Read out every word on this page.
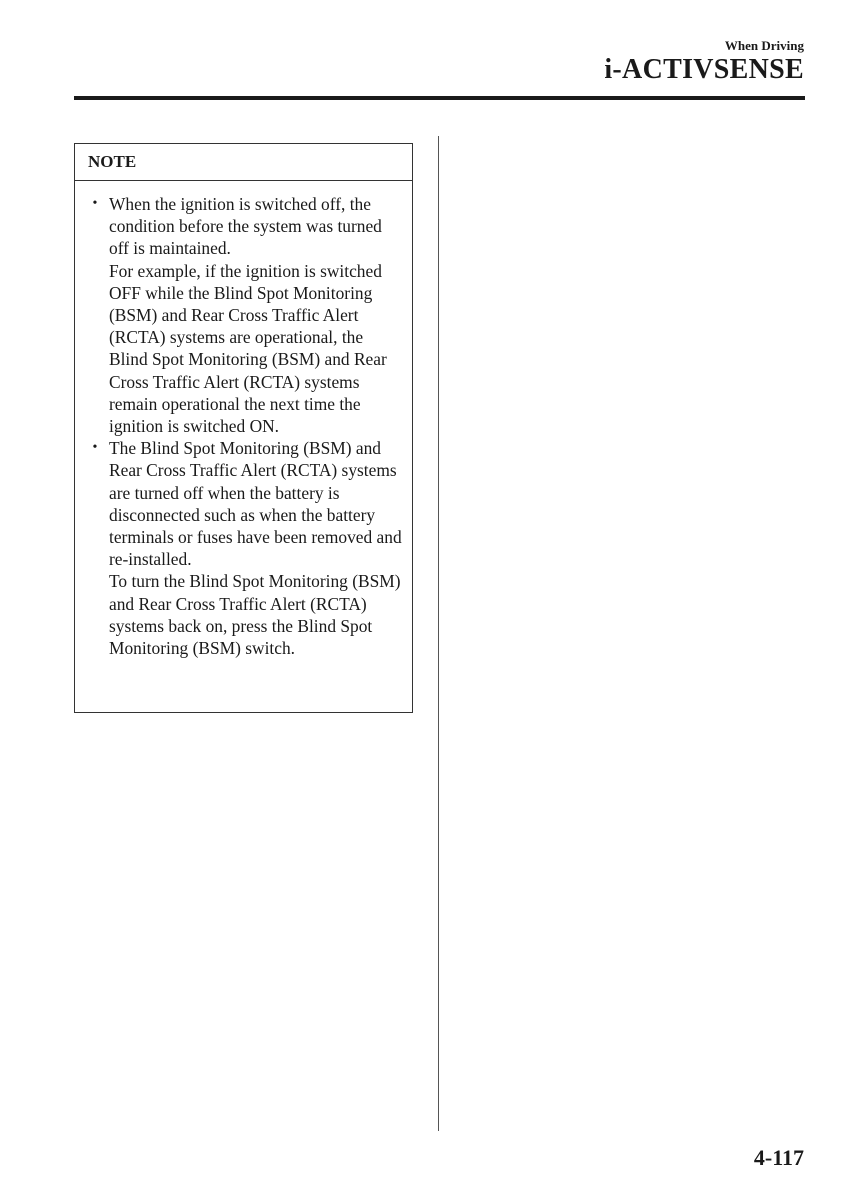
When Driving
i-ACTIVSENSE
NOTE
• When the ignition is switched off, the condition before the system was turned off is maintained.
For example, if the ignition is switched OFF while the Blind Spot Monitoring (BSM) and Rear Cross Traffic Alert (RCTA) systems are operational, the Blind Spot Monitoring (BSM) and Rear Cross Traffic Alert (RCTA) systems remain operational the next time the ignition is switched ON.
• The Blind Spot Monitoring (BSM) and Rear Cross Traffic Alert (RCTA) systems are turned off when the battery is disconnected such as when the battery terminals or fuses have been removed and re-installed.
To turn the Blind Spot Monitoring (BSM) and Rear Cross Traffic Alert (RCTA) systems back on, press the Blind Spot Monitoring (BSM) switch.
4-117
